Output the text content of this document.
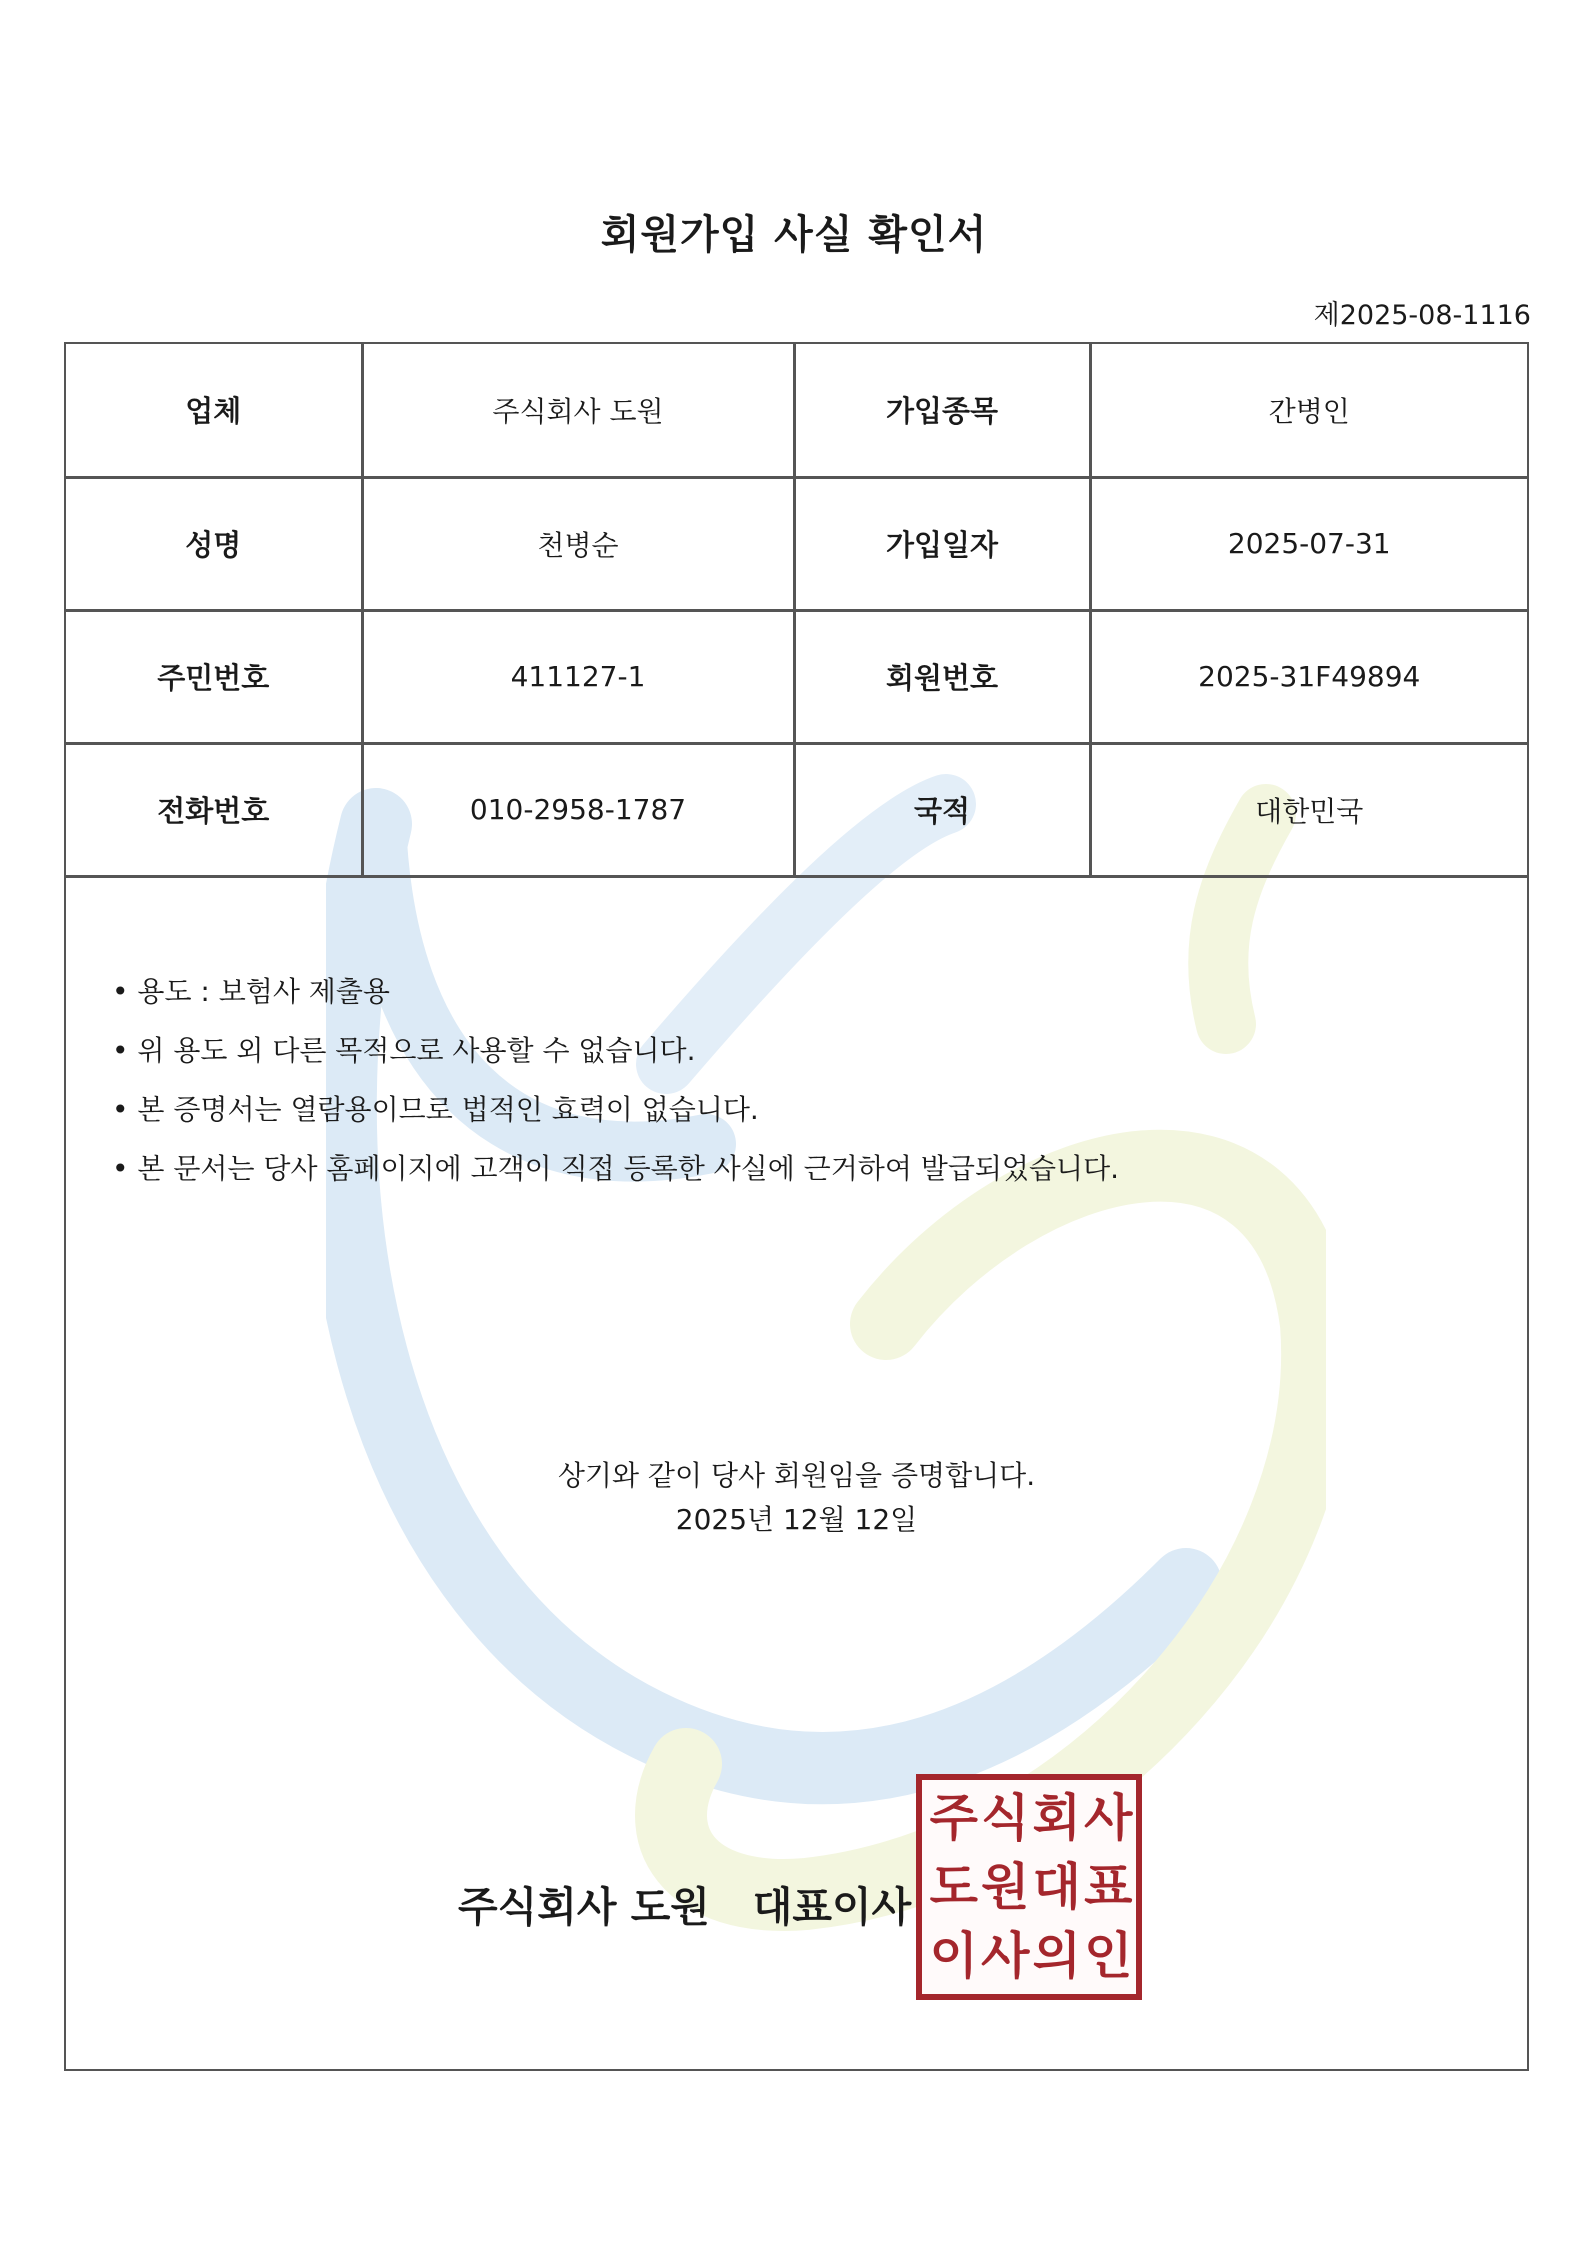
회원가입 사실 확인서
제2025-08-1116
업체	주식회사 도원	가입종목	간병인
성명	천병순	가입일자	2025-07-31
주민번호	411127-1	회원번호	2025-31F49894
전화번호	010-2958-1787	국적	대한민국
• 용도 : 보험사 제출용
• 위 용도 외 다른 목적으로 사용할 수 없습니다.
• 본 증명서는 열람용이므로 법적인 효력이 없습니다.
• 본 문서는 당사 홈페이지에 고객이 직접 등록한 사실에 근거하여 발급되었습니다.
상기와 같이 당사 회원임을 증명합니다.
2025년 12월 12일
주식회사 도원 대표이사
주 식 회 사
도 원 대 표
이 사 의 인
